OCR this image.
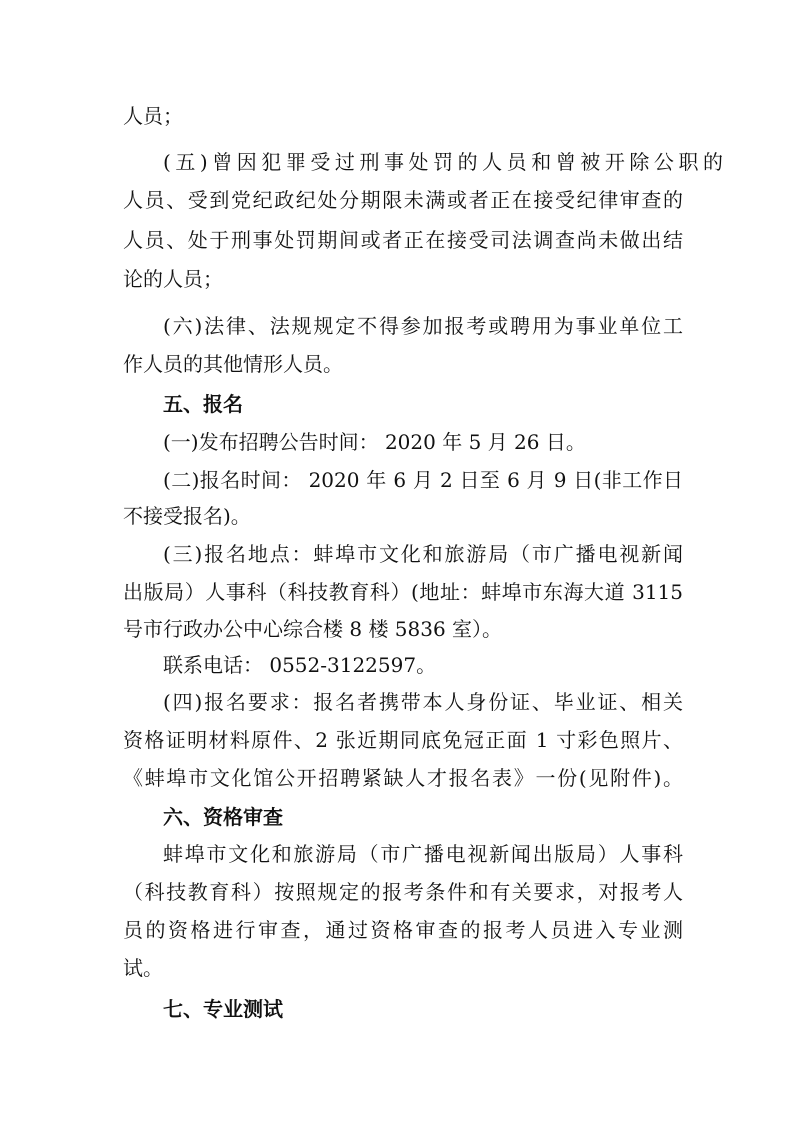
人员；
(五)曾因犯罪受过刑事处罚的人员和曾被开除公职的
人员、受到党纪政纪处分期限未满或者正在接受纪律审查的
人员、处于刑事处罚期间或者正在接受司法调查尚未做出结
论的人员；
(六)法律、法规规定不得参加报考或聘用为事业单位工
作人员的其他情形人员。
五、报名
(一)发布招聘公告时间： 2020 年 5 月 26 日。
(二)报名时间： 2020 年 6 月 2 日至 6 月 9 日(非工作日
不接受报名)。
(三)报名地点：蚌埠市文化和旅游局（市广播电视新闻
出版局）人事科（科技教育科）(地址：蚌埠市东海大道 3115
号市行政办公中心综合楼 8 楼 5836 室）。
联系电话： 0552-3122597。
(四)报名要求：报名者携带本人身份证、毕业证、相关
资格证明材料原件、2 张近期同底免冠正面 1 寸彩色照片、
《蚌埠市文化馆公开招聘紧缺人才报名表》一份(见附件)。
六、资格审查
蚌埠市文化和旅游局（市广播电视新闻出版局）人事科
（科技教育科）按照规定的报考条件和有关要求，对报考人
员的资格进行审查，通过资格审查的报考人员进入专业测
试。
七、专业测试
